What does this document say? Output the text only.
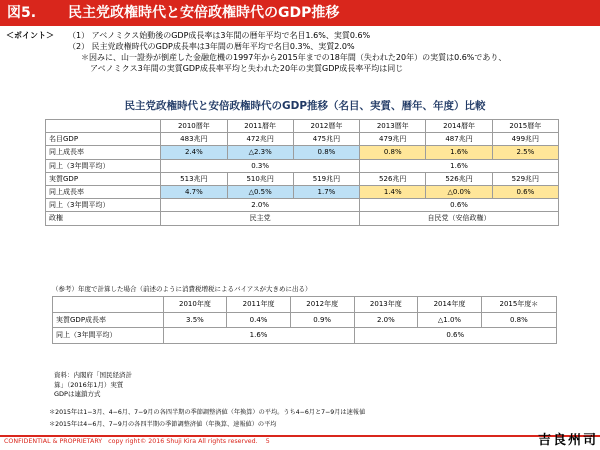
図5. 民主党政権時代と安倍政権時代のGDP推移
＜ポイント＞ （1） アベノミクス始動後のGDP成長率は3年間の暦年平均で名目1.6%、実質0.6%
（2） 民主党政権時代のGDP成長率は3年間の暦年平均で名目0.3%、実質2.0%
＊因みに、山一證券が倒産した金融危機の1997年から2015年までの18年間（失われた20年）の実質は0.6%であり、
アベノミクス3年間の実質GDP成長率平均と失われた20年の実質GDP成長率平均は同じ
民主党政権時代と安倍政権時代のGDP推移（名目、実質、暦年、年度）比較
	2010暦年	2011暦年	2012暦年	2013暦年	2014暦年	2015暦年
名目GDP	483兆円	472兆円	475兆円	479兆円	487兆円	499兆円
同上成長率	2.4%	△2.3%	0.8%	0.8%	1.6%	2.5%
同上（3年間平均）	0.3%			1.6%		
実質GDP	513兆円	510兆円	519兆円	526兆円	526兆円	529兆円
同上成長率	4.7%	△0.5%	1.7%	1.4%	△0.0%	0.6%
同上（3年間平均）	2.0%			0.6%		
政権	民主党			自民党（安倍政権）		
（参考）年度で計算した場合（前述のように消費税増税によるバイアスが大きめに出る）
	2010年度	2011年度	2012年度	2013年度	2014年度	2015年度＊
実質GDP成長率	3.5%	0.4%	0.9%	2.0%	△1.0%	0.8%
同上（3年間平均）	1.6%			0.6%		
資料：内閣府「国民経済計算」（2016年1月）実質GDPは連鎖方式
＊2015年は1−3月、4−6月、7−9月の各四半期の季節調整済値（年換算）の平均。うち4−6月と7−9月は速報値
＊2015年は4−6月、7−9月の各四半期の季節調整済値（年換算、速報値）の平均
CONFIDENTIAL & PROPRIETARY copy right© 2016 Shuji Kira All rights reserved. 5	吉良州司
